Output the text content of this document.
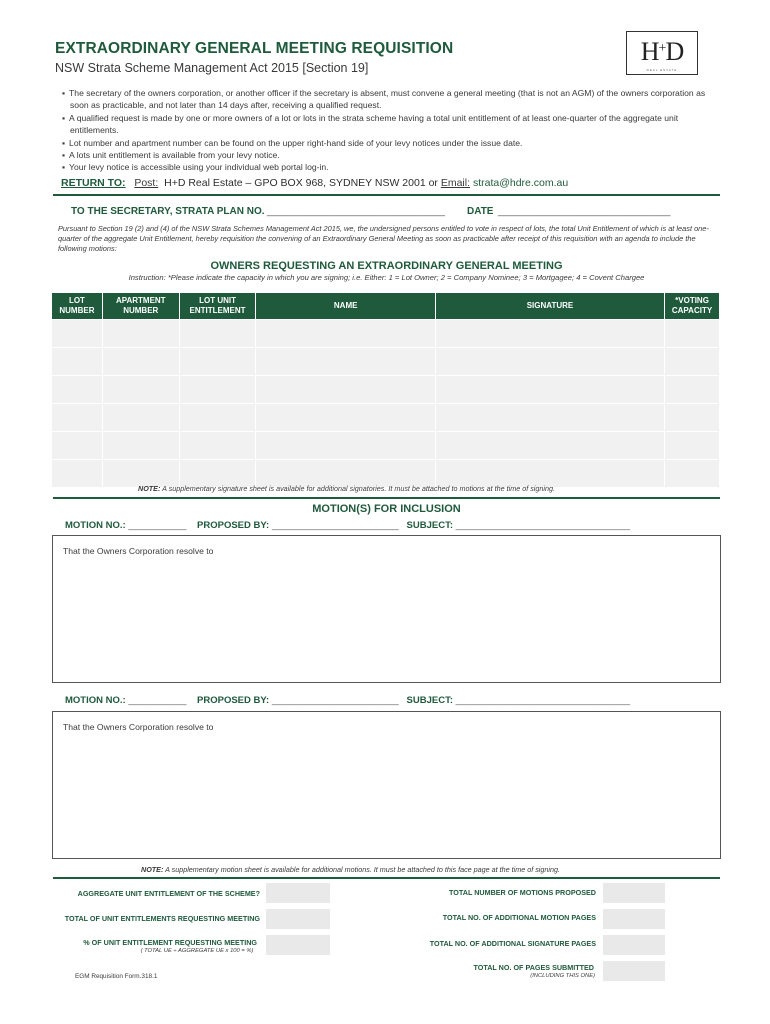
EXTRAORDINARY GENERAL MEETING REQUISITION
NSW Strata Scheme Management Act 2015 [Section 19]
H+D
REAL ESTATE
▪ The secretary of the owners corporation, or another officer if the secretary is absent, must convene a general meeting (that is not an AGM) of the owners corporation as soon as practicable, and not later than 14 days after, receiving a qualified request.
▪ A qualified request is made by one or more owners of a lot or lots in the strata scheme having a total unit entitlement of at least one-quarter of the aggregate unit entitlements.
▪ Lot number and apartment number can be found on the upper right-hand side of your levy notices under the issue date.
▪ A lots unit entitlement is available from your levy notice.
▪ Your levy notice is accessible using your individual web portal log-in.
RETURN TO: Post: H+D Real Estate – GPO BOX 968, SYDNEY NSW 2001 or Email: strata@hdre.com.au
TO THE SECRETARY, STRATA PLAN NO. ________________________________ DATE _______________________________
Pursuant to Section 19 (2) and (4) of the NSW Strata Schemes Management Act 2015, we, the undersigned persons entitled to vote in respect of lots, the total Unit Entitlement of which is at least one-quarter of the aggregate Unit Entitlement, hereby requisition the convening of an Extraordinary General Meeting as soon as practicable after receipt of this requisition with an agenda to include the following motions:
OWNERS REQUESTING AN EXTRAORDINARY GENERAL MEETING
Instruction: *Please indicate the capacity in which you are signing; i.e. Either: 1 = Lot Owner; 2 = Company Nominee; 3 = Mortgagee; 4 = Covent Chargee
LOT NUMBER	APARTMENT NUMBER	LOT UNIT ENTITLEMENT	NAME	SIGNATURE	*VOTING CAPACITY

NOTE: A supplementary signature sheet is available for additional signatories. It must be attached to motions at the time of signing.
MOTION(S) FOR INCLUSION
MOTION NO.: ___________ PROPOSED BY: ________________________ SUBJECT: _________________________________
That the Owners Corporation resolve to
MOTION NO.: ___________ PROPOSED BY: ________________________ SUBJECT: _________________________________
That the Owners Corporation resolve to
NOTE: A supplementary motion sheet is available for additional motions. It must be attached to this face page at the time of signing.
AGGREGATE UNIT ENTITLEMENT OF THE SCHEME?
TOTAL OF UNIT ENTITLEMENTS REQUESTING MEETING
% OF UNIT ENTITLEMENT REQUESTING MEETING
( TOTAL UE ÷ AGGREGATE UE x 100 = %)
TOTAL NUMBER OF MOTIONS PROPOSED
TOTAL NO. OF ADDITIONAL MOTION PAGES
TOTAL NO. OF ADDITIONAL SIGNATURE PAGES
TOTAL NO. OF PAGES SUBMITTED
(INCLUDING THIS ONE)
EGM Requisition Form.318.1
